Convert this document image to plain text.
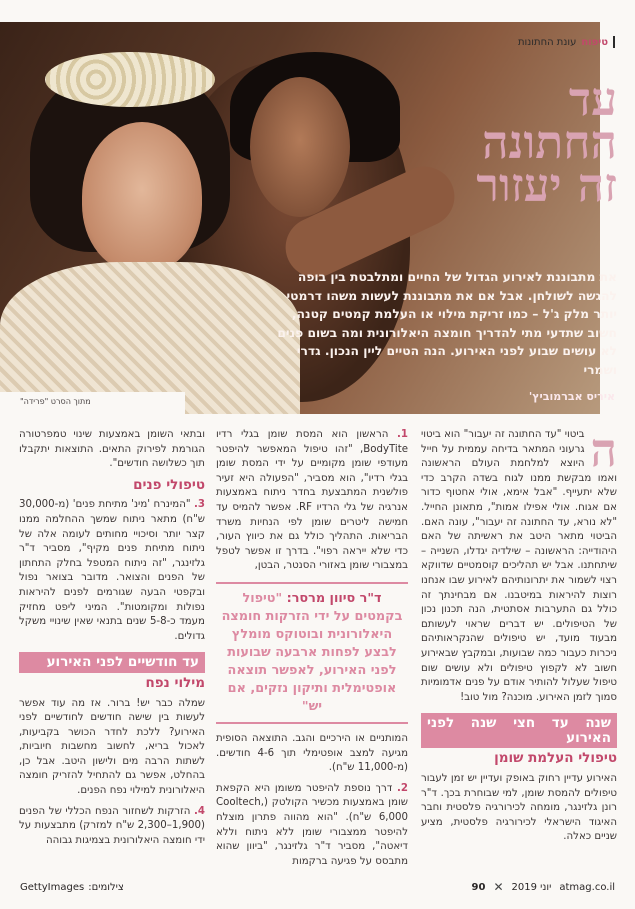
מתוך הסרט "פרידה"
טיפוח
עונת החתונות
עד
החתונה
זה יעזור
את מתבוננת לאירוע הגדול של החיים ומתלבטת בין בופה להגשה לשולחן. אבל אם את מתבוננת לעשות משהו דרמטי יותר מלק ג'ל – כמו זריקת מילוי או העלמת קמטים קטנה, חשוב שתדעי מתי להדריך חומצה היאלורונית ומה בשום פנים לא עושים שבוע לפני האירוע. הנה הטיים ליין הנכון. גדרי ושמרי
איריס אברמוביץ'

ה
ביטוי "עד החתונה זה יעבור" הוא ביטוי גרעוני המתאר בדיחה עממית על חייל היוצא למלחמת העולם הראשונה ואמו מבקשת ממנו לגוח בשדה הקרב כדי שלא יתעייף. "אבל אימא, אולי אחטוף כדור אם אגוח. אולי אפילו אמות", מתאונן החייל. "לא נורא, עד החתונה זה יעבור", עונה האם. הביטוי מתאר היטב את ראשיתה של האם היהודייה: הראשונה – שילדיה יגדלו, השנייה – שיתחתנו. אבל יש תהליכים קוסמטיים שדווקא רצוי לשמור את יתרונותיהם לאירוע שבו אנחנו רוצות להיראות במיטבנו. אם מבחינתך זה כולל גם התערבות אסתטית, הנה תכנון נכון של הטיפולים. יש דברים שראוי לעשותם מבעוד מועד, יש טיפולים שהנקראותיהם ניכרות כעבור כמה שבועות, ובמקבץ שבאירוע חשוב לא לקפוץ טיפולים ולא עושים שום טיפול שעלול להותיר אודם על פנים אדמומיות סמוך לזמן האירוע. מוכנה? מול טוב!

שנה עד חצי שנה לפני האירוע
טיפולי העלמת שומן

האירוע עדיין רחוק באופק ועדיין יש זמן לעבור טיפולים להמסת שומן, למי שבוחרת בכך. ד"ר רונן גלזינגר, מומחה לכירורגיה פלסטית וחבר האיגוד הישראלי לכירורגיה פלסטית, מציע שניים כאלה.

1. הראשון הוא המסת שומן בגלי רדיו BodyTite, "זהו טיפול המאפשר להיפטר מעודפי שומן מקומיים על ידי המסת שומן בגלי רדיו", הוא מסביר, "הפעולה היא זעיר פולשנית המתבצעת בחדר ניתוח באמצעות אנרגיה של גלי הרדיו RF. אפשר להמיס עד חמישה ליטרים שומן לפי הנחיות משרד הבריאות. התהליך כולל גם את כיווץ העור, כדי שלא ייראה רפוי". בדרך זו אפשר לטפל במצבורי שומן באזורי הסנטר, הבטן,

ד"ר סיוון מרסר: "טיפול בקמטים על ידי הזרקות חומצה היאלורונית ובוטוקס מומלץ לבצע לפחות ארבעה שבועות לפני האירוע, לאפשר תוצאה אופטימלית ותיקון נזקים, אם יש"

המותניים או הירכיים והגב. התוצאה הסופית מגיעה למצב אופטימלי תוך 4-6 חודשים. (מ-11,000 ש"ח).

2. דרך נוספת להיפטר משומן היא הקפאת שומן באמצעות מכשיר הקולטק (Cooltech, 6,000 ש"ח). "הוא מהווה פתרון מוצלח להיפטר ממצבורי שומן ללא ניתוח וללא דיאטה", מסביר ד"ר גלזינגר, "ביוון שהוא מתבסס על פגיעה ברקמות

ובתאי השומן באמצעות שינוי טמפרטורה הגורמת לפירוק התאים. התוצאות יתקבלו תוך כשלושה חודשים".

טיפולי פנים

3. "המינרח 'מינ' מתיחת פנים' (מ-30,000 ש"ח) מתאר ניתוח שמשך ההחלמה ממנו קצר יותר וסיכויי מחותים לעומה אלה של ניתוח מתיחת פנים מקיף", מסביר ד"ר גלזינגר, "זה ניתוח המטפל בחלק התחתון של הפנים והצואר. מדובר בצואר נפול ובקפטי הבעה שגורמים לפנים להיראות נפולות ומקומטות". המיני ליפט מחזיק מעמד כ-5-8 שנים בתנאי שאין שינויי משקל גדולים.

עד חודשיים לפני האירוע
מילוי נפח

שמלה כבר יש! ברור. אז מה עוד אפשר לעשות בין שישה חודשים לחודשיים לפני האירוע? ללכת לחדר הכושר בקביעות, לאכול בריא, לחשוב מחשבות חיוביות, לשתות הרבה מים ולישון היטב. אבל כן, בהחלט, אפשר גם להתחיל להזריק חומצה היאלורונית למילוי נפח הפנים.

4. הזרקות לשחזור הנפח הכללי של הפנים (1,900–2,300 ש"ח למזרק) מתבצעות על ידי חומצה היאלורונית בצמיגות גבוהה

90 ✕ יוני 2019 atmag.co.il
צילומים:
GettyImages
